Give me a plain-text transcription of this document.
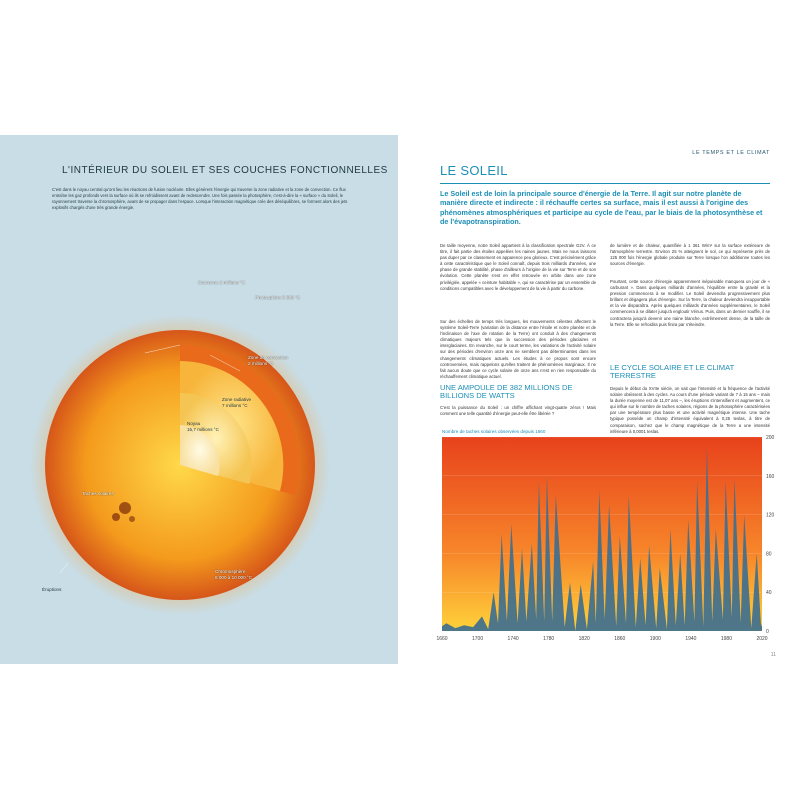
L'INTÉRIEUR DU SOLEIL ET SES COUCHES FONCTIONNELLES
C'est dans le noyau central qu'ont lieu les réactions de fusion nucléaire. Elles génèrent l'énergie qui traverse la zone radiative et la zone de convection. Ce flux entraîne les gaz profonds vers la surface où ils se refroidissent avant de redescendre. Une fois passée la photosphère, c'est-à-dire la « surface » du Soleil, le rayonnement traverse la chromosphère, avant de se propager dans l'espace. Lorsque l'interaction magnétique crée des déséquilibres, se forment alors des jets explosifs chargés d'une très grande énergie.
Couronne 2 millions °C
Photosphère 5 500 °C
Zone de convection
2 millions °C
Zone radiative
7 millions °C
Noyau
15,7 millions °C
Taches solaires
Éruptions
Chromosphère
6 000 à 10 000 °C
LE TEMPS ET LE CLIMAT
LE SOLEIL
Le Soleil est de loin la principale source d'énergie de la Terre. Il agit sur notre planète de manière directe et indirecte : il réchauffe certes sa surface, mais il est aussi à l'origine des phénomènes atmosphériques et participe au cycle de l'eau, par le biais de la photosynthèse et de l'évapotranspiration.
De taille moyenne, notre Soleil appartient à la classification spectrale G2V. À ce titre, il fait partie des étoiles appelées les naines jaunes. Mais ne nous laissons pas duper par ce classement en apparence peu glorieux. C'est précisément grâce à cette caractéristique que le Soleil connaît, depuis trois milliards d'années, une phase de grande stabilité, phase d'ailleurs à l'origine de la vie sur Terre et de son évolution. Cette planète s'est en effet retrouvée en orbite dans une zone privilégiée, appelée « ceinture habitable », qui se caractérise par un ensemble de conditions compatibles avec le développement de la vie à partir du carbone.
Sur des échelles de temps très longues, les mouvements célestes affectent le système Soleil-Terre (variation de la distance entre l'étoile et notre planète et de l'inclinaison de l'axe de rotation de la Terre) ont conduit à des changements climatiques majeurs tels que la succession des périodes glaciaires et interglaciaires. En revanche, sur le court terme, les variations de l'activité solaire sur des périodes d'environ onze ans ne semblent pas déterminantes dans les changements climatiques actuels. Les études à ce propos sont encore controversées, mais rappelons qu'elles traitent de phénomènes marginaux. Il ne fait aucun doute que ce cycle solaire de onze ans n'est en rien responsable du réchauffement climatique actuel.
UNE AMPOULE DE 382 MILLIONS DE BILLIONS DE WATTS
C'est la puissance du Soleil : un chiffre affichant vingt-quatre zéros ! Mais comment une telle quantité d'énergie peut-elle être libérée ?
de lumière et de chaleur, quantifiée à 1 361 W/m² sur la surface extérieure de l'atmosphère terrestre. Environ 25 % atteignent le sol, ce qui représente près de 125 000 fois l'énergie globale produite sur Terre lorsque l'on additionne toutes les sources d'énergie.
Pourtant, cette source d'énergie apparemment inépuisable manquera un jour de « carburant ». Dans quelques milliards d'années, l'équilibre entre la gravité et la pression commencera à se modifier. Le Soleil deviendra progressivement plus brillant et dégagera plus d'énergie. Sur la Terre, la chaleur deviendra insupportable et la vie disparaîtra. Après quelques milliards d'années supplémentaires, le Soleil commencera à se dilater jusqu'à engloutir Vénus. Puis, dans un dernier souffle, il se contractera jusqu'à devenir une naine blanche, extrêmement dense, de la taille de la Terre. Elle se refroidira puis finira par s'éteindre.
LE CYCLE SOLAIRE ET LE CLIMAT TERRESTRE
Depuis le début du XVIIe siècle, on sait que l'intensité et la fréquence de l'activité solaire obéissent à des cycles. Au cours d'une période variant de 7 à 15 ans – mais la durée moyenne est de 11,07 ans –, les éruptions s'intensifient et augmentent, ce qui influe sur le nombre de taches solaires, régions de la photosphère caractérisées par une température plus basse et une activité magnétique intense. Une tache typique possède un champ d'intensité équivalent à 0,25 teslas, à titre de comparaison, sachez que le champ magnétique de la Terre a une intensité inférieure à 0,0001 teslas.
Nombre de taches solaires observées depuis 1660
1660	1700	1740	1780	1820	1860	1900	1940	1980	2020
0
40
80
120
160
200
11
